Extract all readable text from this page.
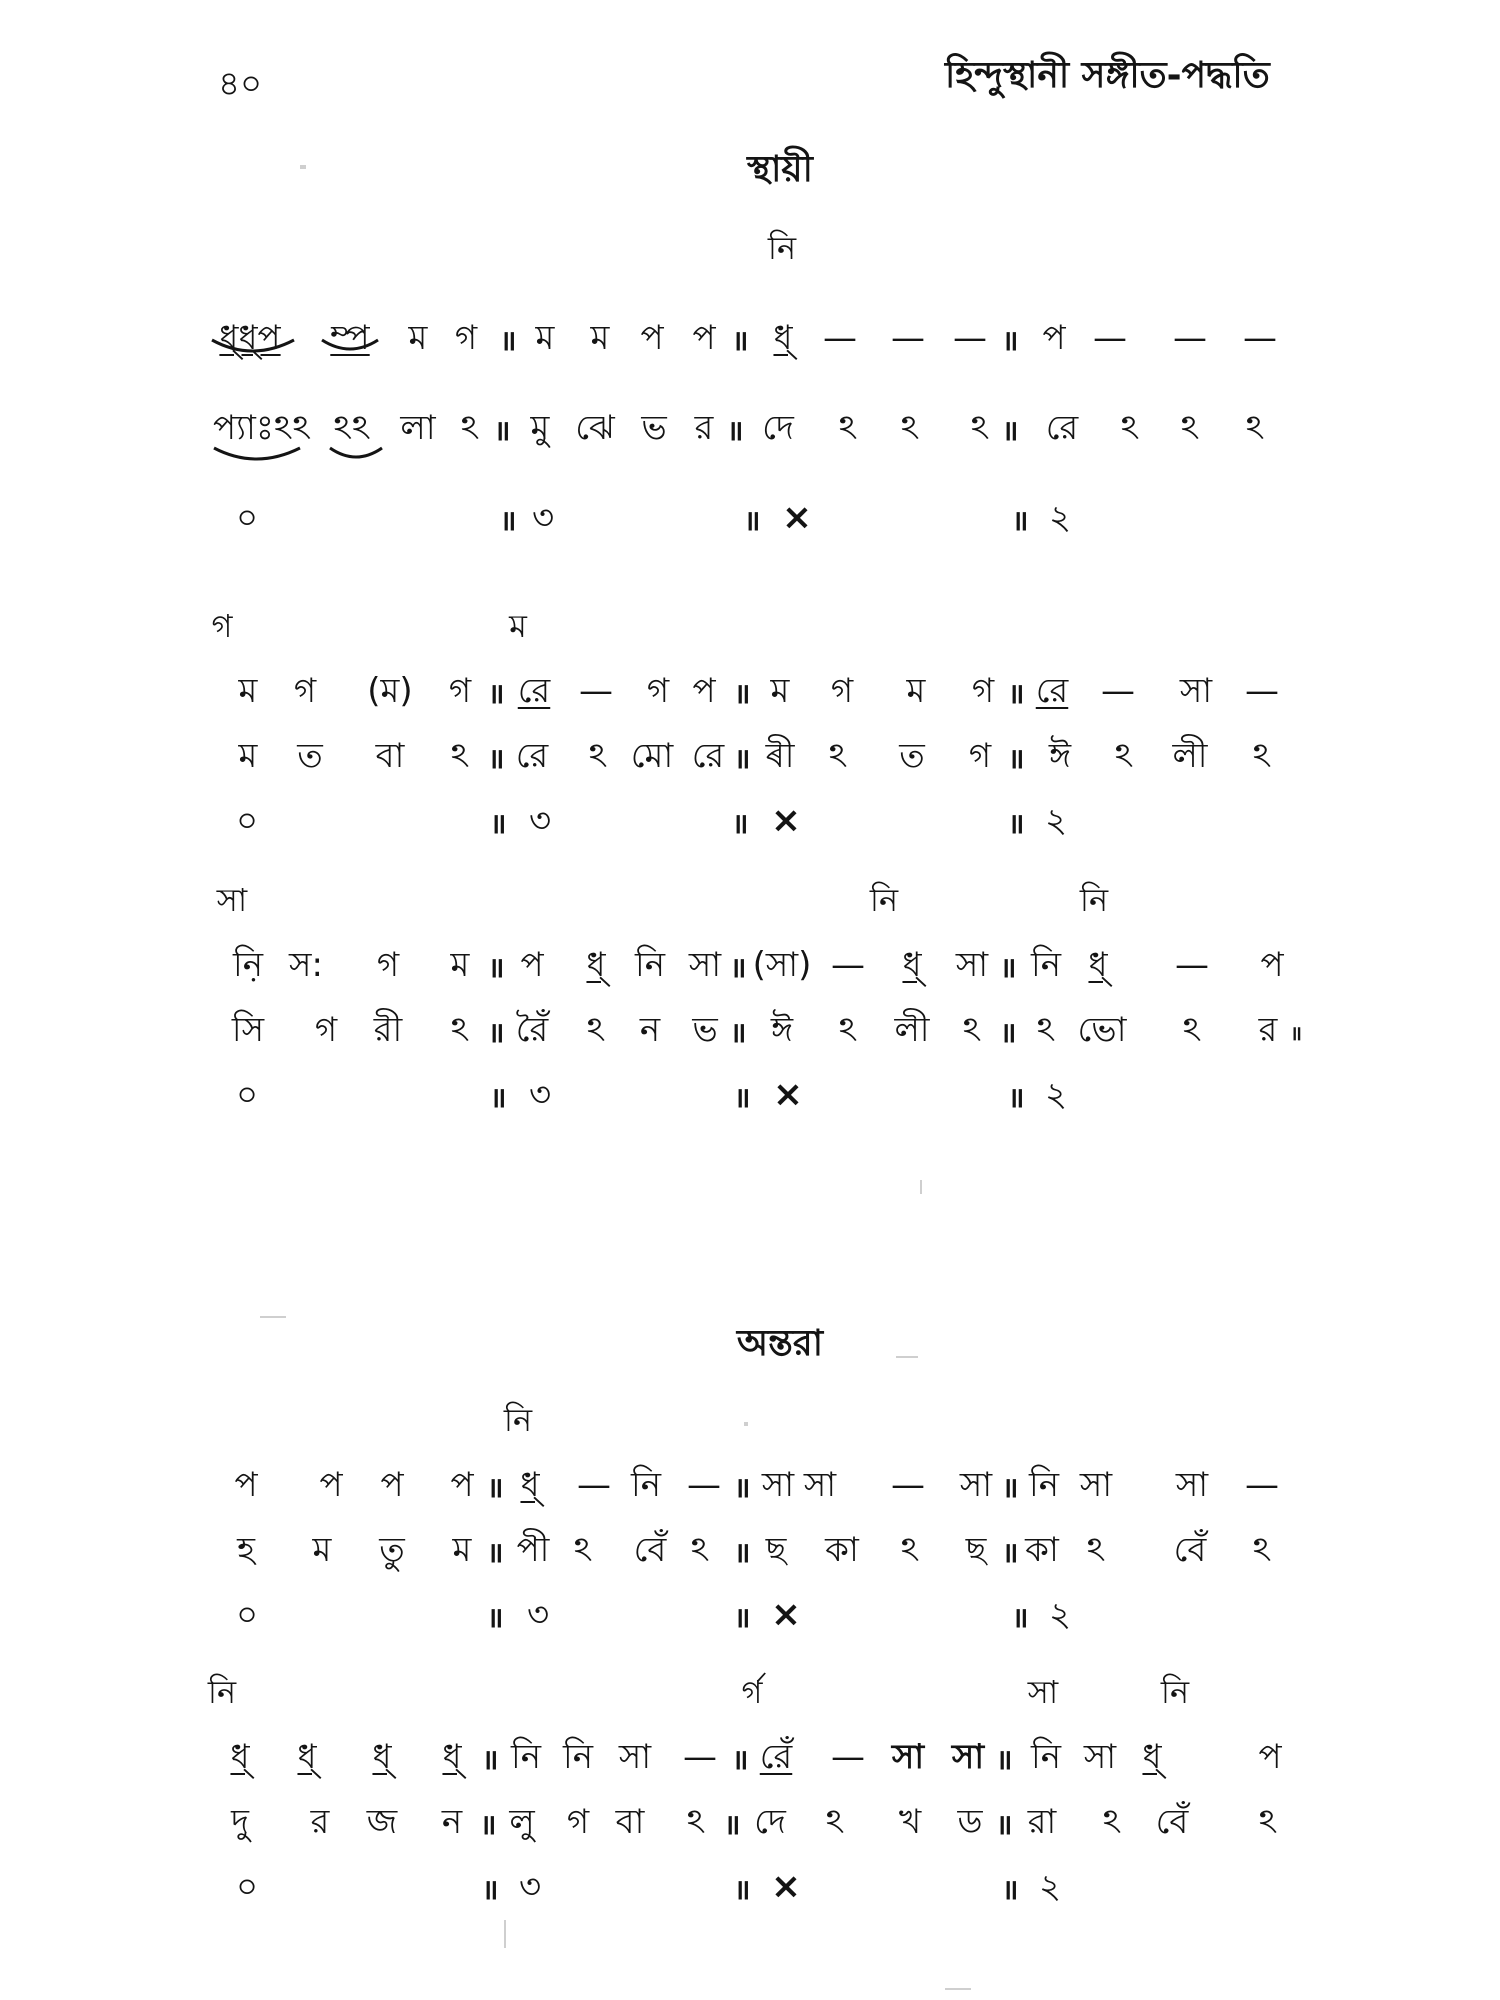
৪০	হিন্দুস্থানী সঙ্গীত-পদ্ধতি
স্থায়ী
অন্তরা
নি
ধ্ধ্প ম্প ম গ ॥ ম ম প প ॥ ধ্ — — — ॥ প — — —
প্যাঃঽঽ ঽঽ লা ঽ ॥ মু ঝে ভ র ॥ দে ঽ ঽ ঽ ॥ রে ঽ ঽ ঽ
০	॥ ৩	॥ ×	॥ ২
গ	ম
ম গ (ম) গ ॥ রে — গ প ॥ ম গ ম গ ॥ রে — সা —
ম ত বা ঽ ॥ রে ঽ মো রে ॥ ৰী ঽ ত গ ॥ ঈ ঽ লী ঽ
০	॥ ৩	॥ ×	॥ ২
সা	নি	নি
নি় স: গ ম ॥ প ধ্ নি সা ॥ (সা) — ধ্ সা ॥ নি ধ্ — প
সি গ রী ঽ ॥ রৈঁ ঽ ন ভ ॥ ঈ ঽ লী ঽ ॥ ঽ ভো ঽ র ॥
০	॥ ৩	॥ ×	॥ ২
নি
প প প প ॥ ধ্ — নি — ॥ সা সা — সা ॥ নি সা সা —
হ ম তু ম ॥ পী ঽ বেঁ ঽ ॥ ছ কা ঽ ছ ॥ কা ঽ বেঁ ঽ
০	॥ ৩	॥ ×	॥ ২
নি	র্গ	সা	নি
ধ্ ধ্ ধ্ ধ্ ॥ নি নি সা — ॥ রেঁ — সা সা ॥ নি সা ধ্	প
দু র জ ন ॥ লু গ বা ঽ ॥ দে ঽ খ ড ॥ রা ঽ বেঁ ঽ
০	॥ ৩	॥ ×	॥ ২
